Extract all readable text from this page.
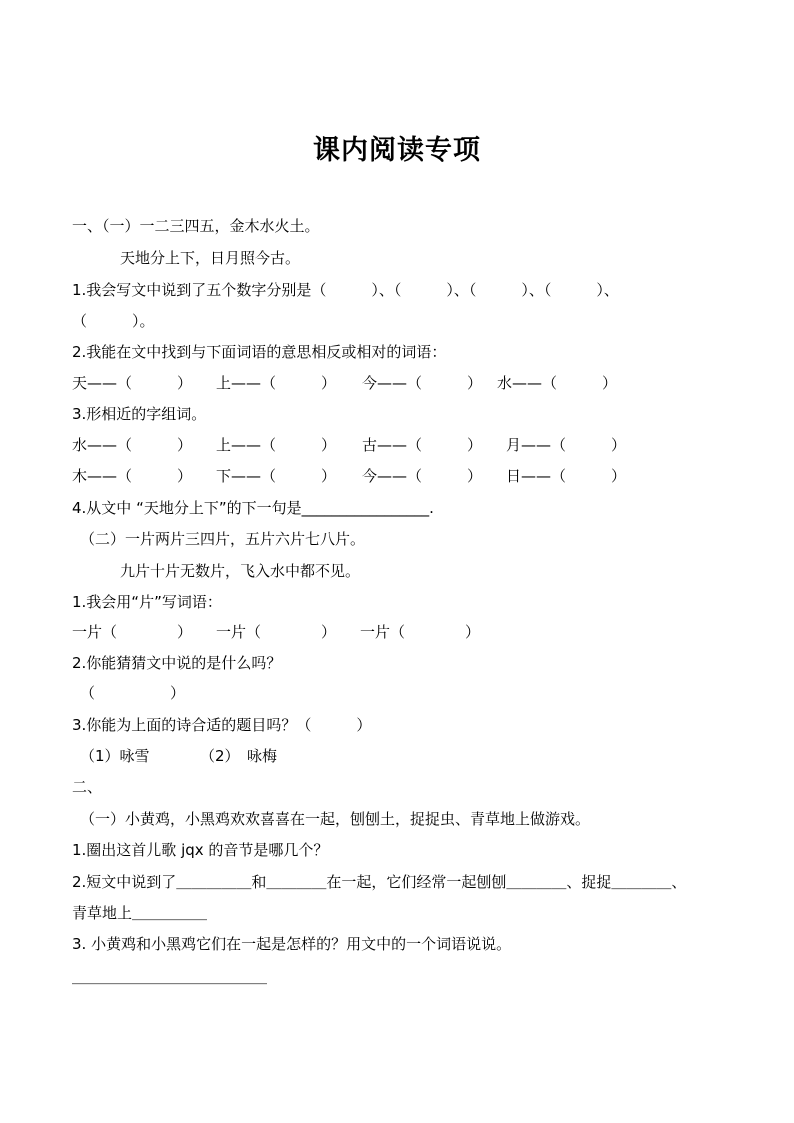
课内阅读专项
一、（一）一二三四五，金木水火土。
天地分上下，日月照今古。
1.我会写文中说到了五个数字分别是（　　　）、（　　　）、（　　　）、（　　　）、
（　　　）。
2.我能在文中找到与下面词语的意思相反或相对的词语：
天——（　　　） 上——（　　　） 今——（　　　） 水——（　　　）
3.形相近的字组词。
水——（　　　） 上——（　　　） 古——（　　　） 月——（　　　）
木——（　　　） 下——（　　　） 今——（　　　） 日——（　　　）
4.从文中 “天地分上下”的下一句是_________________.
（二）一片两片三四片，五片六片七八片。
九片十片无数片，飞入水中都不见。
1.我会用“片”写词语：
一片（　　　　） 一片（　　　　） 一片（　　　　）
2.你能猜猜文中说的是什么吗？
（　　　　　）
3.你能为上面的诗合适的题目吗？（　　　）
（1）咏雪	（2）　咏梅
二、
（一）小黄鸡，小黑鸡欢欢喜喜在一起，刨刨土，捉捉虫、青草地上做游戏。
1.圈出这首儿歌 jqx 的音节是哪几个？
2.短文中说到了＿＿＿＿＿和＿＿＿＿在一起，它们经常一起刨刨＿＿＿＿、捉捉＿＿＿＿、
青草地上＿＿＿＿＿
3. 小黄鸡和小黑鸡它们在一起是怎样的？用文中的一个词语说说。
＿＿＿＿＿＿＿＿＿＿＿＿＿
